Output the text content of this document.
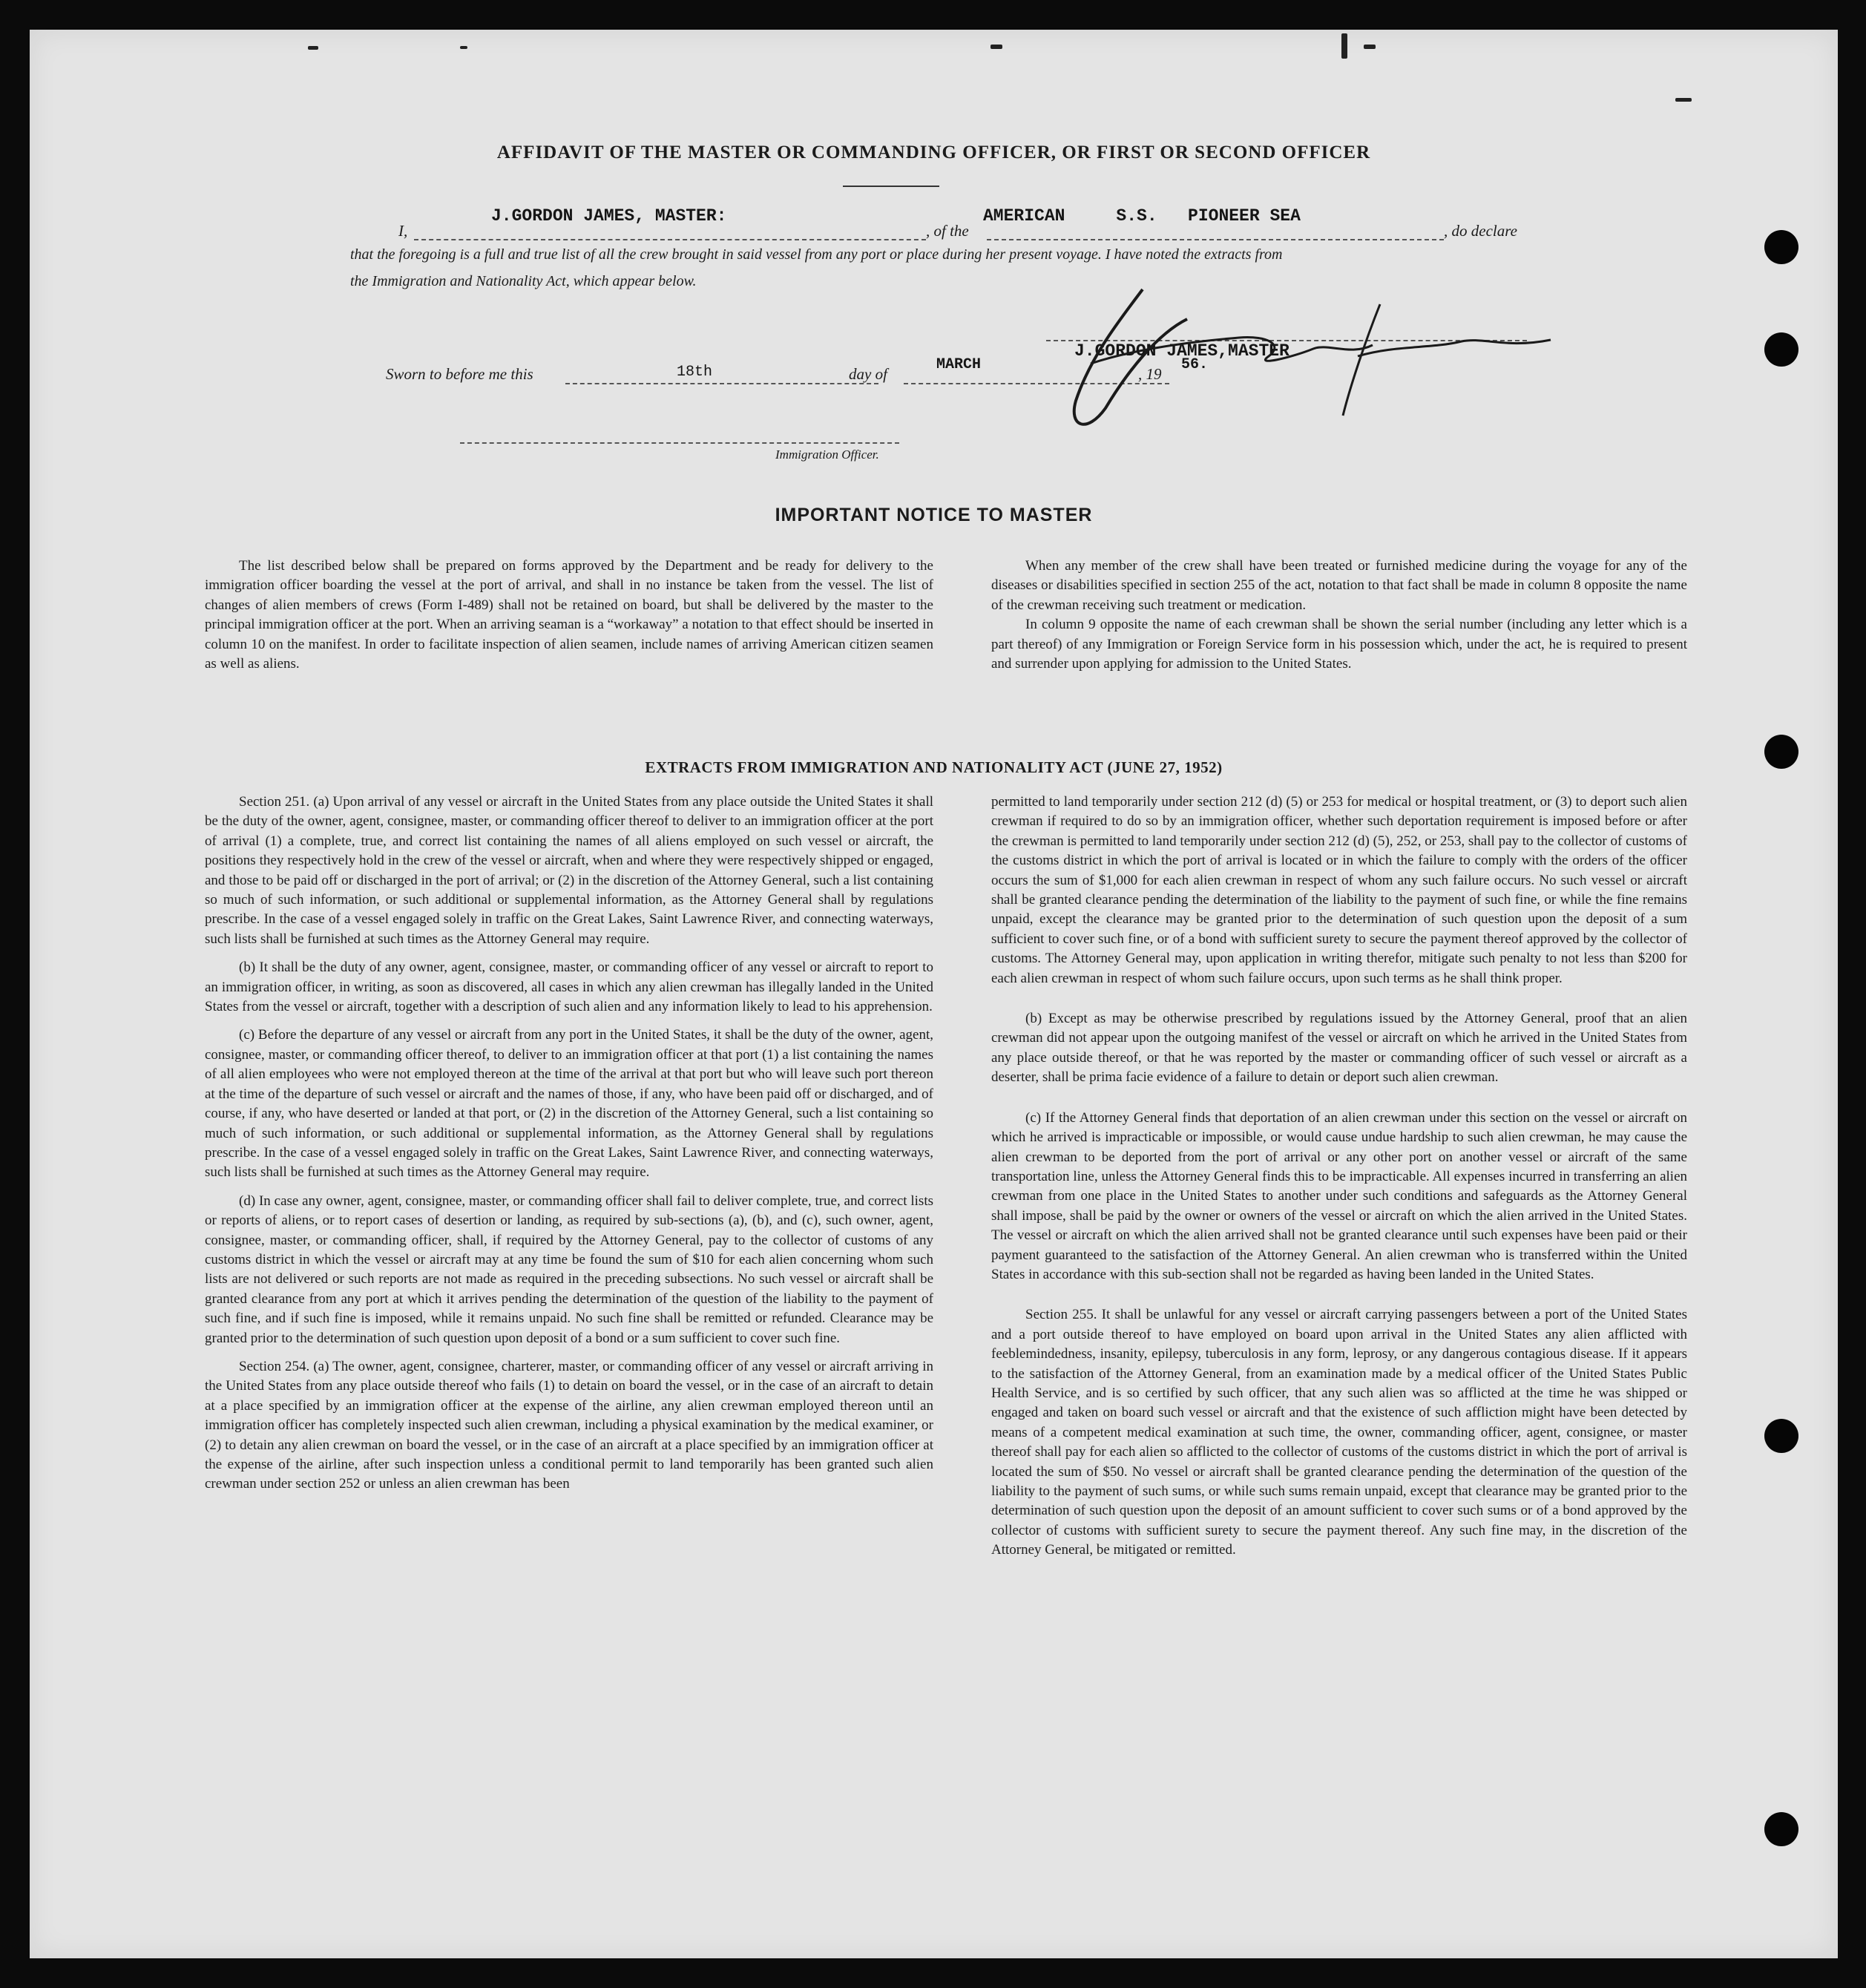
AFFIDAVIT OF THE MASTER OR COMMANDING OFFICER, OR FIRST OR SECOND OFFICER
I,
J.GORDON JAMES, MASTER:
, of the
AMERICAN     S.S.   PIONEER SEA
, do declare
that the foregoing is a full and true list of all the crew brought in said vessel from any port or place during her present voyage. I have noted the extracts from
the Immigration and Nationality Act, which appear below.
Sworn to before me this	18th	day of
MARCH
, 19
56.
J.GORDON JAMES,MASTER
Immigration Officer.
IMPORTANT NOTICE TO MASTER

The list described below shall be prepared on forms approved by the Department and be ready for delivery to the immigration officer boarding the vessel at the port of arrival, and shall in no instance be taken from the vessel. The list of changes of alien members of crews (Form I-489) shall not be retained on board, but shall be delivered by the master to the principal immigration officer at the port. When an arriving seaman is a “workaway” a notation to that effect should be inserted in column 10 on the manifest. In order to facilitate inspection of alien seamen, include names of arriving American citizen seamen as well as aliens.

When any member of the crew shall have been treated or furnished medicine during the voyage for any of the diseases or disabilities specified in section 255 of the act, notation to that fact shall be made in column 8 opposite the name of the crewman receiving such treatment or medication.

In column 9 opposite the name of each crewman shall be shown the serial number (including any letter which is a part thereof) of any Immigration or Foreign Service form in his possession which, under the act, he is required to present and surrender upon applying for admission to the United States.

EXTRACTS FROM IMMIGRATION AND NATIONALITY ACT (JUNE 27, 1952)

Section 251. (a) Upon arrival of any vessel or aircraft in the United States from any place outside the United States it shall be the duty of the owner, agent, consignee, master, or commanding officer thereof to deliver to an immigration officer at the port of arrival (1) a complete, true, and correct list containing the names of all aliens employed on such vessel or aircraft, the positions they respectively hold in the crew of the vessel or aircraft, when and where they were respectively shipped or engaged, and those to be paid off or discharged in the port of arrival; or (2) in the discretion of the Attorney General, such a list containing so much of such information, or such additional or supplemental information, as the Attorney General shall by regulations prescribe. In the case of a vessel engaged solely in traffic on the Great Lakes, Saint Lawrence River, and connecting waterways, such lists shall be furnished at such times as the Attorney General may require.

(b) It shall be the duty of any owner, agent, consignee, master, or commanding officer of any vessel or aircraft to report to an immigration officer, in writing, as soon as discovered, all cases in which any alien crewman has illegally landed in the United States from the vessel or aircraft, together with a description of such alien and any information likely to lead to his apprehension.

(c) Before the departure of any vessel or aircraft from any port in the United States, it shall be the duty of the owner, agent, consignee, master, or commanding officer thereof, to deliver to an immigration officer at that port (1) a list containing the names of all alien employees who were not employed thereon at the time of the arrival at that port but who will leave such port thereon at the time of the departure of such vessel or aircraft and the names of those, if any, who have been paid off or discharged, and of course, if any, who have deserted or landed at that port, or (2) in the discretion of the Attorney General, such a list containing so much of such information, or such additional or supplemental information, as the Attorney General shall by regulations prescribe. In the case of a vessel engaged solely in traffic on the Great Lakes, Saint Lawrence River, and connecting waterways, such lists shall be furnished at such times as the Attorney General may require.

(d) In case any owner, agent, consignee, master, or commanding officer shall fail to deliver complete, true, and correct lists or reports of aliens, or to report cases of desertion or landing, as required by sub-sections (a), (b), and (c), such owner, agent, consignee, master, or commanding officer, shall, if required by the Attorney General, pay to the collector of customs of any customs district in which the vessel or aircraft may at any time be found the sum of $10 for each alien concerning whom such lists are not delivered or such reports are not made as required in the preceding subsections. No such vessel or aircraft shall be granted clearance from any port at which it arrives pending the determination of the question of the liability to the payment of such fine, and if such fine is imposed, while it remains unpaid. No such fine shall be remitted or refunded. Clearance may be granted prior to the determination of such question upon deposit of a bond or a sum sufficient to cover such fine.

Section 254. (a) The owner, agent, consignee, charterer, master, or commanding officer of any vessel or aircraft arriving in the United States from any place outside thereof who fails (1) to detain on board the vessel, or in the case of an aircraft to detain at a place specified by an immigration officer at the expense of the airline, any alien crewman employed thereon until an immigration officer has completely inspected such alien crewman, including a physical examination by the medical examiner, or (2) to detain any alien crewman on board the vessel, or in the case of an aircraft at a place specified by an immigration officer at the expense of the airline, after such inspection unless a conditional permit to land temporarily has been granted such alien crewman under section 252 or unless an alien crewman has been

permitted to land temporarily under section 212 (d) (5) or 253 for medical or hospital treatment, or (3) to deport such alien crewman if required to do so by an immigration officer, whether such deportation requirement is imposed before or after the crewman is permitted to land temporarily under section 212 (d) (5), 252, or 253, shall pay to the collector of customs of the customs district in which the port of arrival is located or in which the failure to comply with the orders of the officer occurs the sum of $1,000 for each alien crewman in respect of whom any such failure occurs. No such vessel or aircraft shall be granted clearance pending the determination of the liability to the payment of such fine, or while the fine remains unpaid, except the clearance may be granted prior to the determination of such question upon the deposit of a sum sufficient to cover such fine, or of a bond with sufficient surety to secure the payment thereof approved by the collector of customs. The Attorney General may, upon application in writing therefor, mitigate such penalty to not less than $200 for each alien crewman in respect of whom such failure occurs, upon such terms as he shall think proper.

(b) Except as may be otherwise prescribed by regulations issued by the Attorney General, proof that an alien crewman did not appear upon the outgoing manifest of the vessel or aircraft on which he arrived in the United States from any place outside thereof, or that he was reported by the master or commanding officer of such vessel or aircraft as a deserter, shall be prima facie evidence of a failure to detain or deport such alien crewman.

(c) If the Attorney General finds that deportation of an alien crewman under this section on the vessel or aircraft on which he arrived is impracticable or impossible, or would cause undue hardship to such alien crewman, he may cause the alien crewman to be deported from the port of arrival or any other port on another vessel or aircraft of the same transportation line, unless the Attorney General finds this to be impracticable. All expenses incurred in transferring an alien crewman from one place in the United States to another under such conditions and safeguards as the Attorney General shall impose, shall be paid by the owner or owners of the vessel or aircraft on which the alien arrived in the United States. The vessel or aircraft on which the alien arrived shall not be granted clearance until such expenses have been paid or their payment guaranteed to the satisfaction of the Attorney General. An alien crewman who is transferred within the United States in accordance with this sub-section shall not be regarded as having been landed in the United States.

Section 255. It shall be unlawful for any vessel or aircraft carrying passengers between a port of the United States and a port outside thereof to have employed on board upon arrival in the United States any alien afflicted with feeblemindedness, insanity, epilepsy, tuberculosis in any form, leprosy, or any dangerous contagious disease. If it appears to the satisfaction of the Attorney General, from an examination made by a medical officer of the United States Public Health Service, and is so certified by such officer, that any such alien was so afflicted at the time he was shipped or engaged and taken on board such vessel or aircraft and that the existence of such affliction might have been detected by means of a competent medical examination at such time, the owner, commanding officer, agent, consignee, or master thereof shall pay for each alien so afflicted to the collector of customs of the customs district in which the port of arrival is located the sum of $50. No vessel or aircraft shall be granted clearance pending the determination of the question of the liability to the payment of such sums, or while such sums remain unpaid, except that clearance may be granted prior to the determination of such question upon the deposit of an amount sufficient to cover such sums or of a bond approved by the collector of customs with sufficient surety to secure the payment thereof. Any such fine may, in the discretion of the Attorney General, be mitigated or remitted.
